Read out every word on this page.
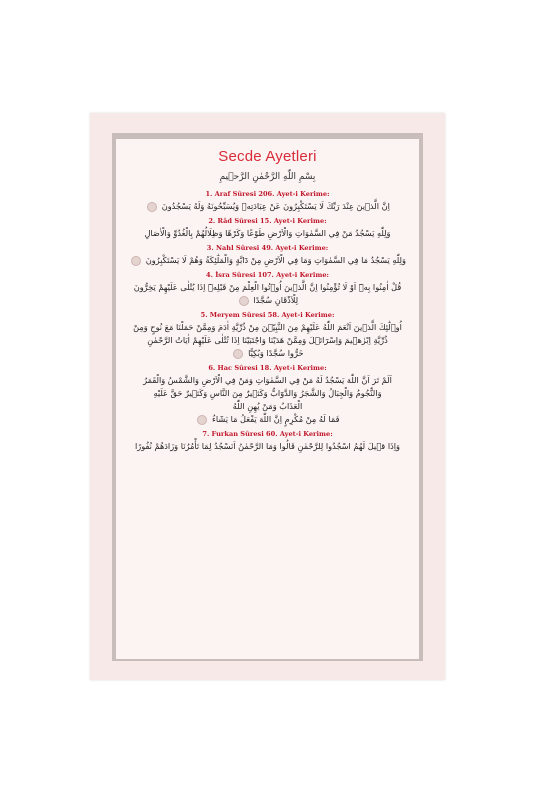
Secde Ayetleri
بِسْمِ اللّٰهِ الرَّحْمٰنِ الرَّح۪يمِ
1. Araf Sûresi 206. Ayet-i Kerime:
اِنَّ الَّذ۪ينَ عِنْدَ رَبِّكَ لَا يَسْتَكْبِرُونَ عَنْ عِبَادَتِه۪ وَيُسَبِّحُونَهُ وَلَهُ يَسْجُدُونَ
2. Râd Sûresi 15. Ayet-i Kerime:
وَلِلّٰهِ يَسْجُدُ مَنْ فِي السَّمٰوَاتِ وَالْاَرْضِ طَوْعًا وَكَرْهًا وَظِلَالُهُمْ بِالْغُدُوِّ وَالْاٰصَالِ
3. Nahl Sûresi 49. Ayet-i Kerime:
وَلِلّٰهِ يَسْجُدُ مَا فِي السَّمٰوَاتِ وَمَا فِي الْاَرْضِ مِنْ دَٓابَّةٍ وَالْمَلٰٓئِكَةُ وَهُمْ لَا يَسْتَكْبِرُونَ
4. İsra Sûresi 107. Ayet-i Kerime:
قُلْ اٰمِنُوا بِه۪ٓ اَوْ لَا تُؤْمِنُوا اِنَّ الَّذ۪ينَ اُو۫تُوا الْعِلْمَ مِنْ قَبْلِه۪ٓ اِذَا يُتْلٰى عَلَيْهِمْ يَخِرُّونَ
لِلْاَذْقَانِ سُجَّدًا
5. Meryem Sûresi 58. Ayet-i Kerime:
اُو۬لٰٓئِكَ الَّذ۪ينَ اَنْعَمَ اللّٰهُ عَلَيْهِمْ مِنَ النَّبِيّ۪نَ مِنْ ذُرِّيَّةِ اٰدَمَ وَمِمَّنْ حَمَلْنَا مَعَ نُوحٍ وَمِنْ
ذُرِّيَّةِ اِبْرٰه۪يمَ وَاِسْرَٓائ۪لَ وَمِمَّنْ هَدَيْنَا وَاجْتَبَيْنَا اِذَا تُتْلٰى عَلَيْهِمْ اٰيَاتُ الرَّحْمٰنِ
خَرُّوا سُجَّدًا وَبُكِيًّا
6. Hac Sûresi 18. Ayet-i Kerime:
اَلَمْ تَرَ اَنَّ اللّٰهَ يَسْجُدُ لَهُ مَنْ فِي السَّمٰوَاتِ وَمَنْ فِي الْاَرْضِ وَالشَّمْسُ وَالْقَمَرُ
وَالنُّجُومُ وَالْجِبَالُ وَالشَّجَرُ وَالدَّوَٓابُّ وَكَث۪يرٌ مِنَ النَّاسِ وَكَث۪يرٌ حَقَّ عَلَيْهِ
الْعَذَابُ وَمَنْ يُهِنِ اللّٰهُ
فَمَا لَهُ مِنْ مُكْرِمٍ اِنَّ اللّٰهَ يَفْعَلُ مَا يَشَٓاءُ
7. Furkan Sûresi 60. Ayet-i Kerime:
وَاِذَا ق۪يلَ لَهُمُ اسْجُدُوا لِلرَّحْمٰنِ قَالُوا وَمَا الرَّحْمٰنُ اَنَسْجُدُ لِمَا تَأْمُرُنَا وَزَادَهُمْ نُفُورًا
